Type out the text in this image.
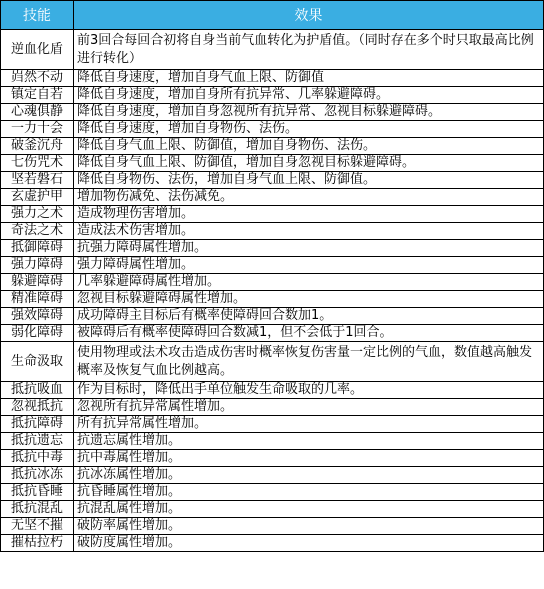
技能	效果
逆血化盾	前3回合每回合初将自身当前气血转化为护盾值。（同时存在多个时只取最高比例进行转化）
岿然不动	降低自身速度，增加自身气血上限、防御值
镇定自若	降低自身速度，增加自身所有抗异常、几率躲避障碍。
心魂俱静	降低自身速度，增加自身忽视所有抗异常、忽视目标躲避障碍。
一力十会	降低自身速度，增加自身物伤、法伤。
破釜沉舟	降低自身气血上限、防御值，增加自身物伤、法伤。
七伤咒术	降低自身气血上限、防御值，增加自身忽视目标躲避障碍。
坚若磐石	降低自身物伤、法伤，增加自身气血上限、防御值。
玄虚护甲	增加物伤减免、法伤减免。
强力之术	造成物理伤害增加。
奇法之术	造成法术伤害增加。
抵御障碍	抗强力障碍属性增加。
强力障碍	强力障碍属性增加。
躲避障碍	几率躲避障碍属性增加。
精准障碍	忽视目标躲避障碍属性增加。
强效障碍	成功障碍主目标后有概率使障碍回合数加1。
弱化障碍	被障碍后有概率使障碍回合数减1，但不会低于1回合。
生命汲取	使用物理或法术攻击造成伤害时概率恢复伤害量一定比例的气血，数值越高触发概率及恢复气血比例越高。
抵抗吸血	作为目标时，降低出手单位触发生命吸取的几率。
忽视抵抗	忽视所有抗异常属性增加。
抵抗障碍	所有抗异常属性增加。
抵抗遗忘	抗遗忘属性增加。
抵抗中毒	抗中毒属性增加。
抵抗冰冻	抗冰冻属性增加。
抵抗昏睡	抗昏睡属性增加。
抵抗混乱	抗混乱属性增加。
无坚不摧	破防率属性增加。
摧枯拉朽	破防度属性增加。
